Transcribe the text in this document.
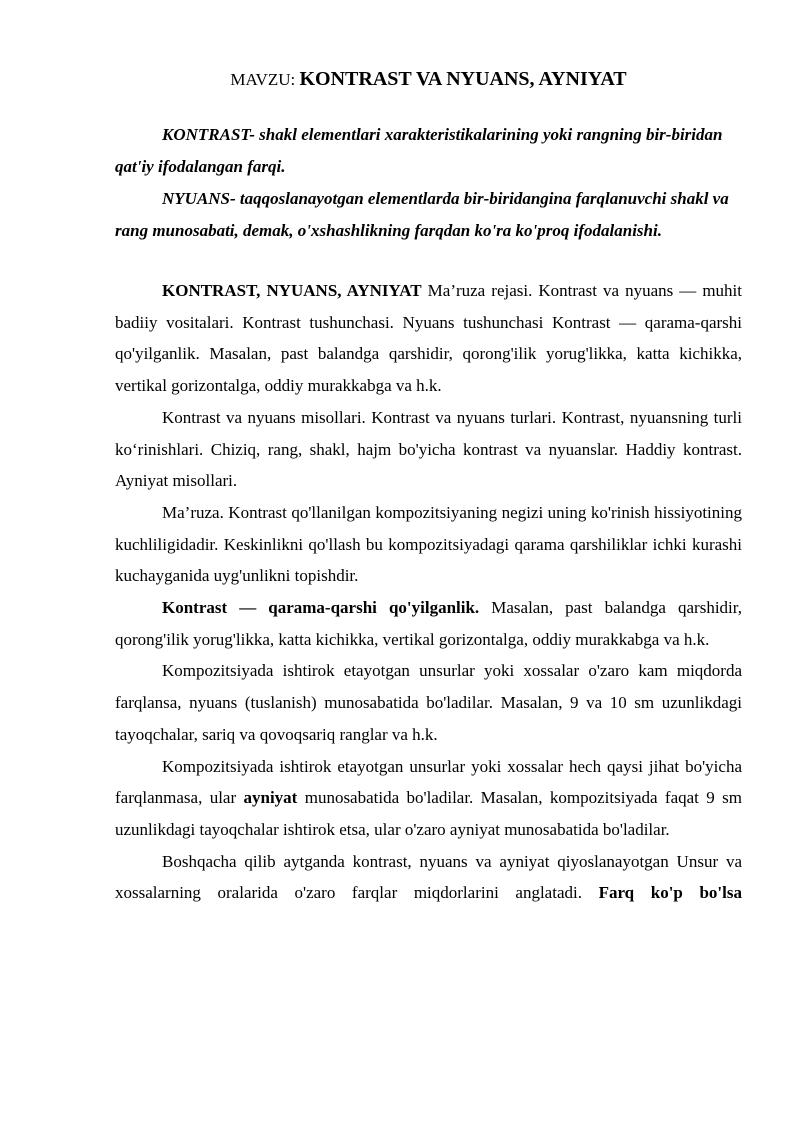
MAVZU: KONTRAST VA NYUANS, AYNIYAT

KONTRAST- shakl elementlari xarakteristikalarining yoki rangning bir-biridan qat'iy ifodalangan farqi.

NYUANS- taqqoslanayotgan elementlarda bir-biridangina farqlanuvchi shakl va rang munosabati, demak, o'xshashlikning farqdan ko'ra ko'proq ifodalanishi.

KONTRAST, NYUANS, AYNIYAT Ma’ruza rejasi. Kontrast va nyuans — muhit badiiy vositalari. Kontrast tushunchasi. Nyuans tushunchasi Kontrast — qarama-qarshi qo'yilganlik. Masalan, past balandga qarshidir, qorong'ilik yorug'likka, katta kichikka, vertikal gorizontalga, oddiy murakkabga va h.k.

Kontrast va nyuans misollari. Kontrast va nyuans turlari. Kontrast, nyuansning turli ko‘rinishlari. Chiziq, rang, shakl, hajm bo'yicha kontrast va nyuanslar. Haddiy kontrast. Ayniyat misollari.

Ma’ruza. Kontrast qo'llanilgan kompozitsiyaning negizi uning ko'rinish hissiyotining kuchliligidadir. Keskinlikni qo'llash bu kompozitsiyadagi qarama qarshiliklar ichki kurashi kuchayganida uyg'unlikni topishdir.

Kontrast — qarama-qarshi qo'yilganlik. Masalan, past balandga qarshidir, qorong'ilik yorug'likka, katta kichikka, vertikal gorizontalga, oddiy murakkabga va h.k.

Kompozitsiyada ishtirok etayotgan unsurlar yoki xossalar o'zaro kam miqdorda farqlansa, nyuans (tuslanish) munosabatida bo'ladilar. Masalan, 9 va 10 sm uzunlikdagi tayoqchalar, sariq va qovoqsariq ranglar va h.k.

Kompozitsiyada ishtirok etayotgan unsurlar yoki xossalar hech qaysi jihat bo'yicha farqlanmasa, ular ayniyat munosabatida bo'ladilar. Masalan, kompozitsiyada faqat 9 sm uzunlikdagi tayoqchalar ishtirok etsa, ular o'zaro ayniyat munosabatida bo'ladilar.

Boshqacha qilib aytganda kontrast, nyuans va ayniyat qiyoslanayotgan Unsur va xossalarning oralarida o'zaro farqlar miqdorlarini anglatadi. Farq ko'p bo'lsa
